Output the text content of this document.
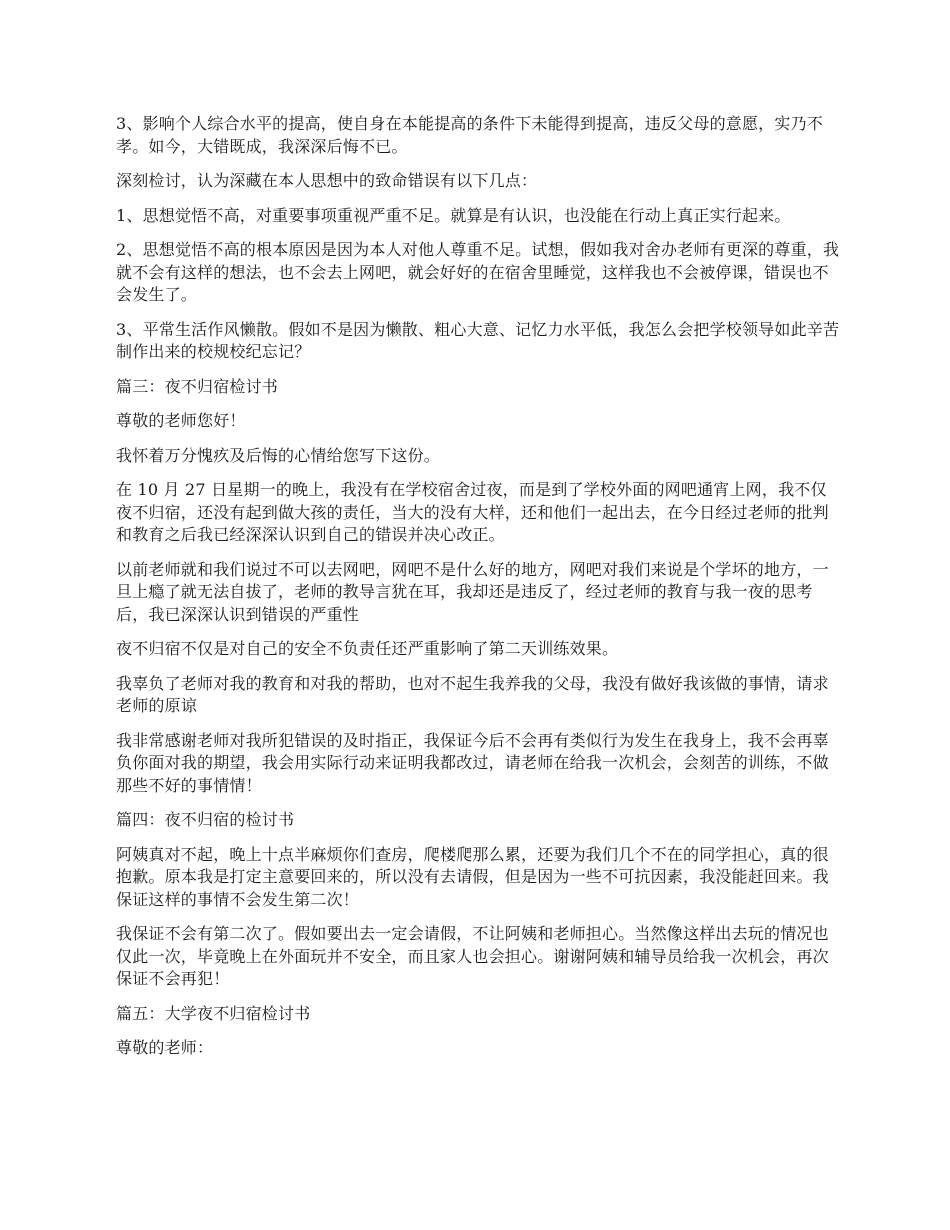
3、影响个人综合水平的提高，使自身在本能提高的条件下未能得到提高，违反父母的意愿，实乃不孝。如今，大错既成，我深深后悔不已。

深刻检讨，认为深藏在本人思想中的致命错误有以下几点：

1、思想觉悟不高，对重要事项重视严重不足。就算是有认识，也没能在行动上真正实行起来。

2、思想觉悟不高的根本原因是因为本人对他人尊重不足。试想，假如我对舍办老师有更深的尊重，我就不会有这样的想法，也不会去上网吧，就会好好的在宿舍里睡觉，这样我也不会被停课，错误也不会发生了。

3、平常生活作风懒散。假如不是因为懒散、粗心大意、记忆力水平低，我怎么会把学校领导如此辛苦制作出来的校规校纪忘记？

篇三：夜不归宿检讨书

尊敬的老师您好！

我怀着万分愧疚及后悔的心情给您写下这份。

在 10 月 27 日星期一的晚上，我没有在学校宿舍过夜，而是到了学校外面的网吧通宵上网，我不仅夜不归宿，还没有起到做大孩的责任，当大的没有大样，还和他们一起出去，在今日经过老师的批判和教育之后我已经深深认识到自己的错误并决心改正。

以前老师就和我们说过不可以去网吧，网吧不是什么好的地方，网吧对我们来说是个学坏的地方，一旦上瘾了就无法自拔了，老师的教导言犹在耳，我却还是违反了，经过老师的教育与我一夜的思考后，我已深深认识到错误的严重性

夜不归宿不仅是对自己的安全不负责任还严重影响了第二天训练效果。

我辜负了老师对我的教育和对我的帮助，也对不起生我养我的父母，我没有做好我该做的事情，请求老师的原谅

我非常感谢老师对我所犯错误的及时指正，我保证今后不会再有类似行为发生在我身上，我不会再辜负你面对我的期望，我会用实际行动来证明我都改过，请老师在给我一次机会，会刻苦的训练，不做那些不好的事情情！

篇四：夜不归宿的检讨书

阿姨真对不起，晚上十点半麻烦你们查房，爬楼爬那么累，还要为我们几个不在的同学担心，真的很抱歉。原本我是打定主意要回来的，所以没有去请假，但是因为一些不可抗因素，我没能赶回来。我保证这样的事情不会发生第二次！

我保证不会有第二次了。假如要出去一定会请假，不让阿姨和老师担心。当然像这样出去玩的情况也仅此一次，毕竟晚上在外面玩并不安全，而且家人也会担心。谢谢阿姨和辅导员给我一次机会，再次保证不会再犯！

篇五：大学夜不归宿检讨书

尊敬的老师：
